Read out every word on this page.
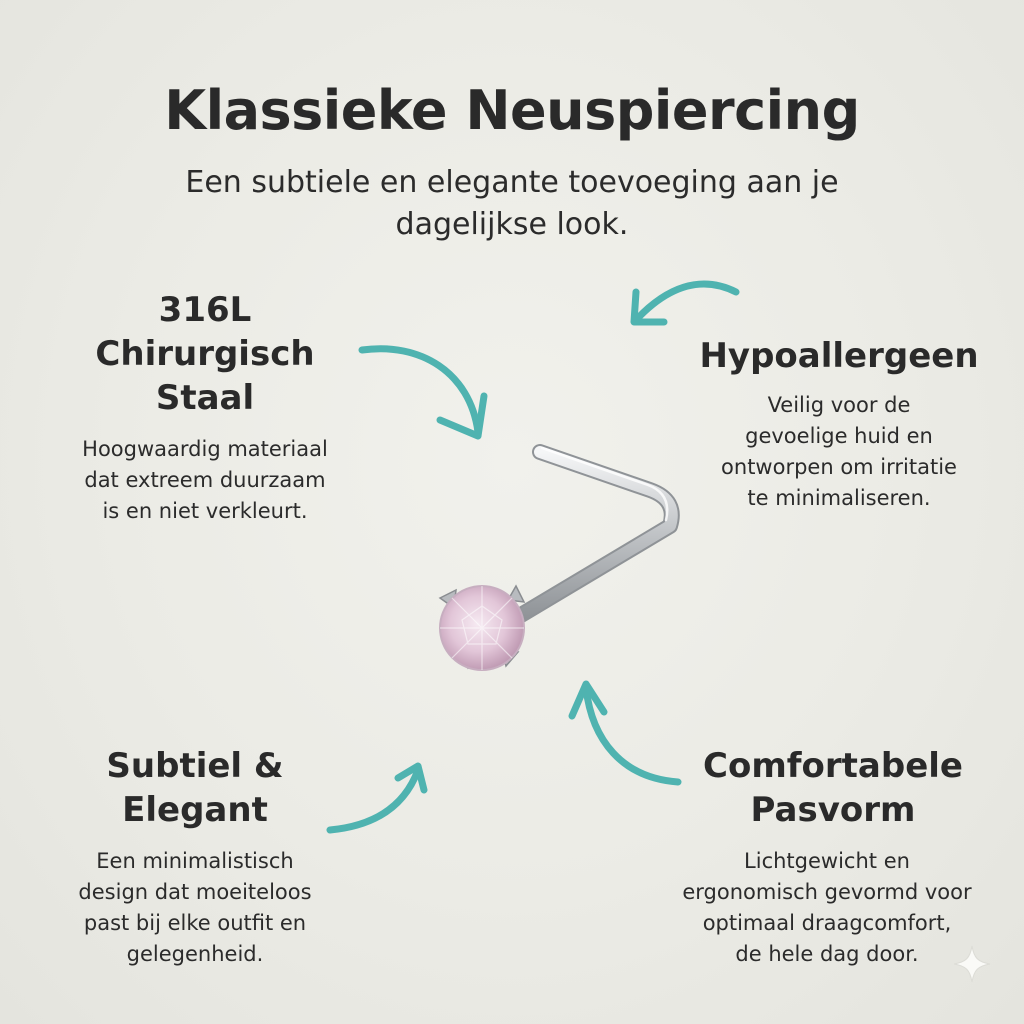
Klassieke Neuspiercing
Een subtiele en elegante toevoeging aan je
dagelijkse look.
316L
Chirurgisch
Staal
Hoogwaardig materiaal
dat extreem duurzaam
is en niet verkleurt.
Hypoallergeen
Veilig voor de
gevoelige huid en
ontworpen om irritatie
te minimaliseren.
Subtiel &
Elegant
Een minimalistisch
design dat moeiteloos
past bij elke outfit en
gelegenheid.
Comfortabele
Pasvorm
Lichtgewicht en
ergonomisch gevormd voor
optimaal draagcomfort,
de hele dag door.
